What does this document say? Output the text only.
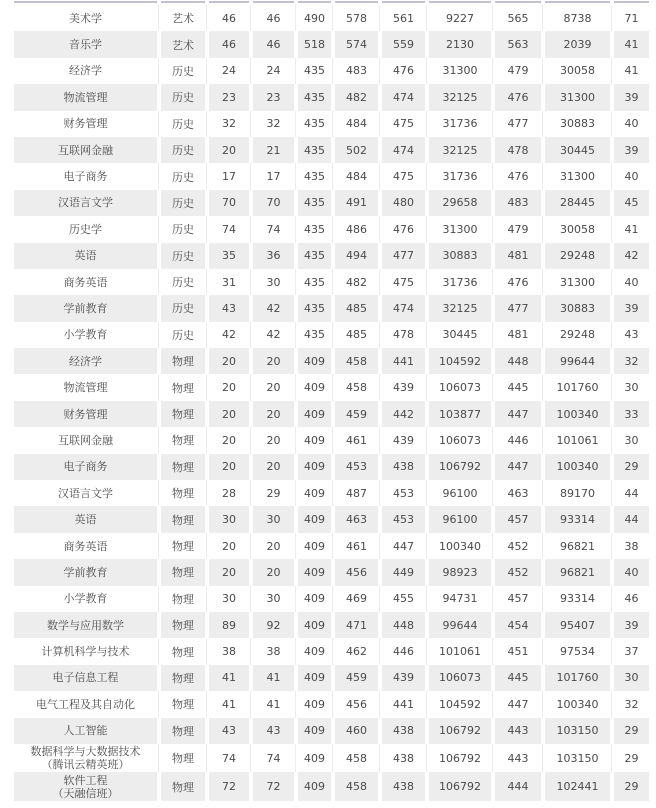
美术学	艺术	46	46	490	578	561	9227	565	8738	71
音乐学	艺术	46	46	518	574	559	2130	563	2039	41
经济学	历史	24	24	435	483	476	31300	479	30058	41
物流管理	历史	23	23	435	482	474	32125	476	31300	39
财务管理	历史	32	32	435	484	475	31736	477	30883	40
互联网金融	历史	20	21	435	502	474	32125	478	30445	39
电子商务	历史	17	17	435	484	475	31736	476	31300	40
汉语言文学	历史	70	70	435	491	480	29658	483	28445	45
历史学	历史	74	74	435	486	476	31300	479	30058	41
英语	历史	35	36	435	494	477	30883	481	29248	42
商务英语	历史	31	30	435	482	475	31736	476	31300	40
学前教育	历史	43	42	435	485	474	32125	477	30883	39
小学教育	历史	42	42	435	485	478	30445	481	29248	43
经济学	物理	20	20	409	458	441	104592	448	99644	32
物流管理	物理	20	20	409	458	439	106073	445	101760	30
财务管理	物理	20	20	409	459	442	103877	447	100340	33
互联网金融	物理	20	20	409	461	439	106073	446	101061	30
电子商务	物理	20	20	409	453	438	106792	447	100340	29
汉语言文学	物理	28	29	409	487	453	96100	463	89170	44
英语	物理	30	30	409	463	453	96100	457	93314	44
商务英语	物理	20	20	409	461	447	100340	452	96821	38
学前教育	物理	20	20	409	456	449	98923	452	96821	40
小学教育	物理	30	30	409	469	455	94731	457	93314	46
数学与应用数学	物理	89	92	409	471	448	99644	454	95407	39
计算机科学与技术	物理	38	38	409	462	446	101061	451	97534	37
电子信息工程	物理	41	41	409	459	439	106073	445	101760	30
电气工程及其自动化	物理	41	41	409	456	441	104592	447	100340	32
人工智能	物理	43	43	409	460	438	106792	443	103150	29
数据科学与大数据技术
（腾讯云精英班）	物理	74	74	409	458	438	106792	443	103150	29
软件工程
（天融信班）	物理	72	72	409	458	438	106792	444	102441	29
